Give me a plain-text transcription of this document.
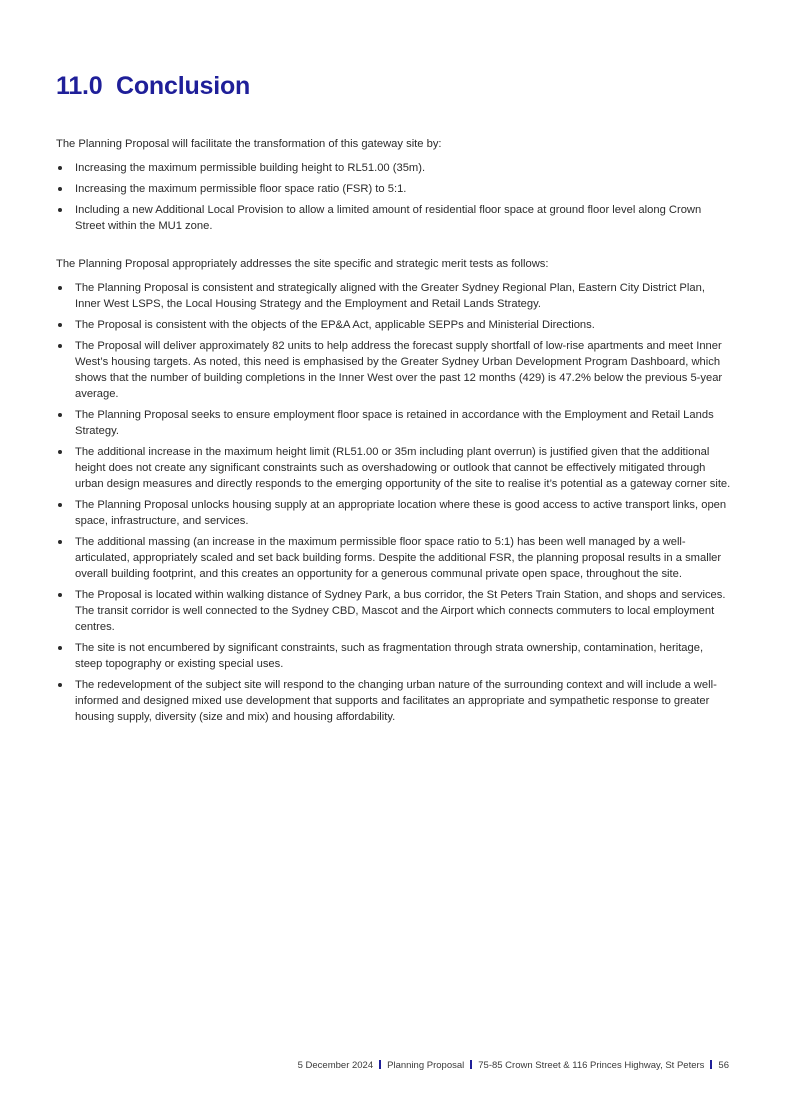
11.0 Conclusion

The Planning Proposal will facilitate the transformation of this gateway site by:

Increasing the maximum permissible building height to RL51.00 (35m).
Increasing the maximum permissible floor space ratio (FSR) to 5:1.
Including a new Additional Local Provision to allow a limited amount of residential floor space at ground floor level along Crown Street within the MU1 zone.

The Planning Proposal appropriately addresses the site specific and strategic merit tests as follows:

The Planning Proposal is consistent and strategically aligned with the Greater Sydney Regional Plan, Eastern City District Plan, Inner West LSPS, the Local Housing Strategy and the Employment and Retail Lands Strategy.
The Proposal is consistent with the objects of the EP&A Act, applicable SEPPs and Ministerial Directions.
The Proposal will deliver approximately 82 units to help address the forecast supply shortfall of low-rise apartments and meet Inner West’s housing targets. As noted, this need is emphasised by the Greater Sydney Urban Development Program Dashboard, which shows that the number of building completions in the Inner West over the past 12 months (429) is 47.2% below the previous 5-year average.
The Planning Proposal seeks to ensure employment floor space is retained in accordance with the Employment and Retail Lands Strategy.
The additional increase in the maximum height limit (RL51.00 or 35m including plant overrun) is justified given that the additional height does not create any significant constraints such as overshadowing or outlook that cannot be effectively mitigated through urban design measures and directly responds to the emerging opportunity of the site to realise it’s potential as a gateway corner site.
The Planning Proposal unlocks housing supply at an appropriate location where these is good access to active transport links, open space, infrastructure, and services.
The additional massing (an increase in the maximum permissible floor space ratio to 5:1) has been well managed by a well-articulated, appropriately scaled and set back building forms. Despite the additional FSR, the planning proposal results in a smaller overall building footprint, and this creates an opportunity for a generous communal private open space, throughout the site.
The Proposal is located within walking distance of Sydney Park, a bus corridor, the St Peters Train Station, and shops and services. The transit corridor is well connected to the Sydney CBD, Mascot and the Airport which connects commuters to local employment centres.
The site is not encumbered by significant constraints, such as fragmentation through strata ownership, contamination, heritage, steep topography or existing special uses.
The redevelopment of the subject site will respond to the changing urban nature of the surrounding context and will include a well-informed and designed mixed use development that supports and facilitates an appropriate and sympathetic response to greater housing supply, diversity (size and mix) and housing affordability.
5 December 2024 Planning Proposal 75-85 Crown Street & 116 Princes Highway, St Peters 56
